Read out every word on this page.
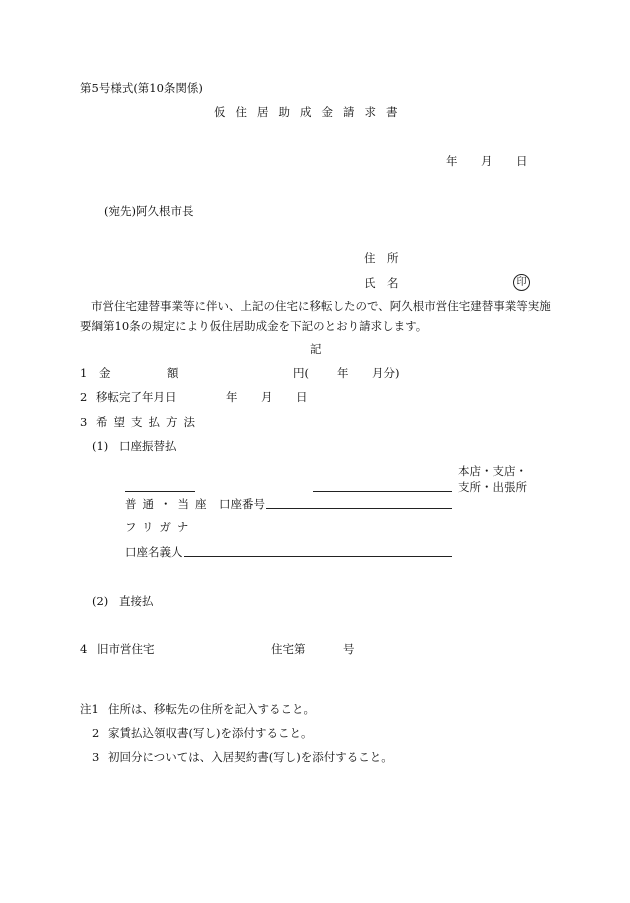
第5号様式(第10条関係)
仮住居助成金請求書
年 月 日
(宛先)阿久根市長
住　所
氏　名	印
市営住宅建替事業等に伴い、上記の住宅に移転したので、阿久根市営住宅建替事業等実施要綱第10条の規定により仮住居助成金を下記のとおり請求します。
記
1 金	額	円( 年 月分)
2 移転完了年月日	年 月 日
3 希望支払方法
(1) 口座振替払
本店・支店・
支所・出張所
普通・当座 口座番号
フリガナ
口座名義人
(2) 直接払
4 旧市営住宅	住宅第	号
注1 住所は、移転先の住所を記入すること。
2 家賃払込領収書(写し)を添付すること。
3 初回分については、入居契約書(写し)を添付すること。
